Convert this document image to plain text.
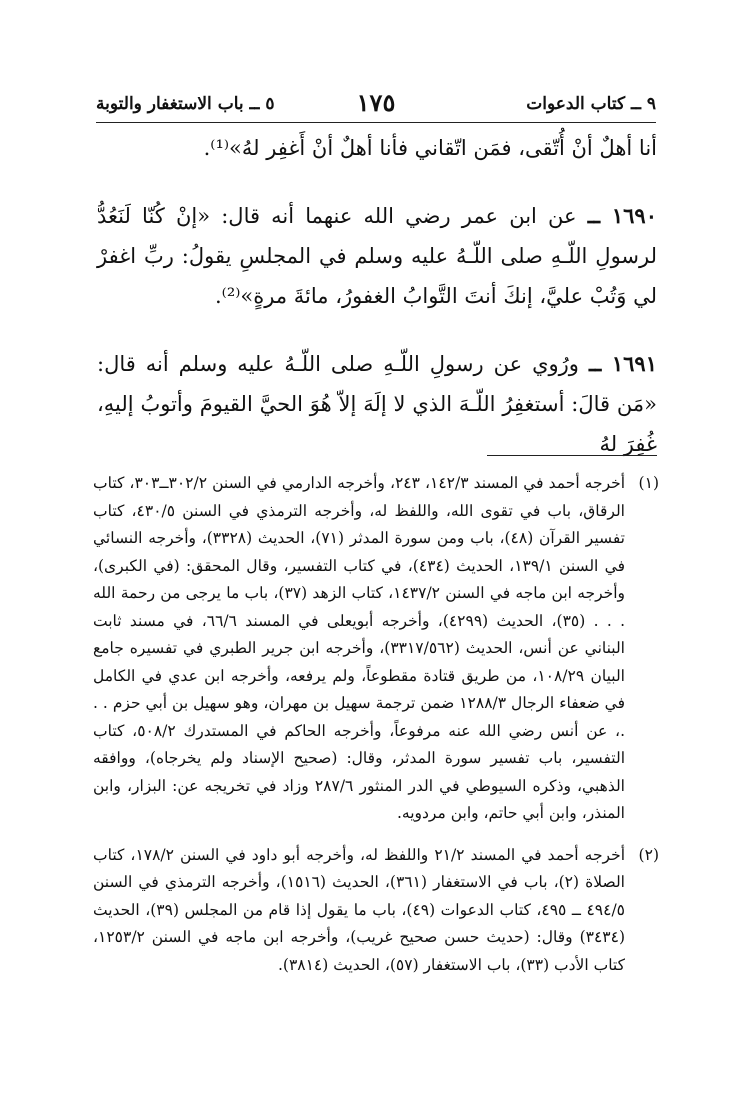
٩ ــ كتاب الدعوات
١٧٥
٥ ــ باب الاستغفار والتوبة

أنا أهلٌ أنْ أُتّقى، فمَن اتّقاني فأنا أهلٌ أنْ أَغفِر لهُ»⁽¹⁾.

١٦٩٠ ــ عن ابن عمر رضي الله عنهما أنه قال: «إنْ كُنّا لَنَعُدُّ لرسولِ اللّـهِ صلى اللّـهُ عليه وسلم في المجلسِ يقولُ: ربِّ اغفرْ لي وَتُبْ عليَّ، إنكَ أنتَ التَّوابُ الغفورُ، مائةَ مرةٍ»⁽²⁾.

١٦٩١ ــ ورُوي عن رسولِ اللّـهِ صلى اللّـهُ عليه وسلم أنه قال: «مَن قالَ: أستغفِرُ اللّـهَ الذي لا إلَهَ إلاّ هُوَ الحيَّ القيومَ وأتوبُ إليهِ، غُفِرَ لهُ

(١)
أخرجه أحمد في المسند ١٤٢/٣، ٢٤٣، وأخرجه الدارمي في السنن ٣٠٢/٢ــ٣٠٣، كتاب الرقاق، باب في تقوى الله، واللفظ له، وأخرجه الترمذي في السنن ٤٣٠/٥، كتاب تفسير القرآن (٤٨)، باب ومن سورة المدثر (٧١)، الحديث (٣٣٢٨)، وأخرجه النسائي في السنن ١٣٩/١، الحديث (٤٣٤)، في كتاب التفسير، وقال المحقق: (في الكبرى)، وأخرجه ابن ماجه في السنن ١٤٣٧/٢، كتاب الزهد (٣٧)، باب ما يرجى من رحمة الله . . . (٣٥)، الحديث (٤٢٩٩)، وأخرجه أبويعلى في المسند ٦٦/٦، في مسند ثابت البناني عن أنس، الحديث (٣٣١٧/٥٦٢)، وأخرجه ابن جرير الطبري في تفسيره جامع البيان ١٠٨/٢٩، من طريق قتادة مقطوعاً، ولم يرفعه، وأخرجه ابن عدي في الكامل في ضعفاء الرجال ١٢٨٨/٣ ضمن ترجمة سهيل بن مهران، وهو سهيل بن أبي حزم . . .، عن أنس رضي الله عنه مرفوعاً، وأخرجه الحاكم في المستدرك ٥٠٨/٢، كتاب التفسير، باب تفسير سورة المدثر، وقال: (صحيح الإسناد ولم يخرجاه)، ووافقه الذهبي، وذكره السيوطي في الدر المنثور ٢٨٧/٦ وزاد في تخريجه عن: البزار، وابن المنذر، وابن أبي حاتم، وابن مردويه.

(٢)
أخرجه أحمد في المسند ٢١/٢ واللفظ له، وأخرجه أبو داود في السنن ١٧٨/٢، كتاب الصلاة (٢)، باب في الاستغفار (٣٦١)، الحديث (١٥١٦)، وأخرجه الترمذي في السنن ٤٩٤/٥ ــ ٤٩٥، كتاب الدعوات (٤٩)، باب ما يقول إذا قام من المجلس (٣٩)، الحديث (٣٤٣٤) وقال: (حديث حسن صحيح غريب)، وأخرجه ابن ماجه في السنن ١٢٥٣/٢، كتاب الأدب (٣٣)، باب الاستغفار (٥٧)، الحديث (٣٨١٤).
